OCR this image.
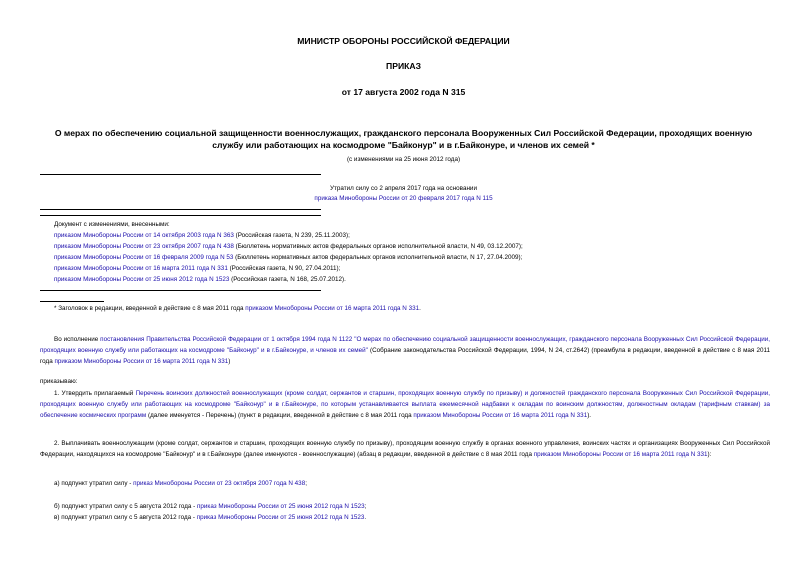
МИНИСТР ОБОРОНЫ РОССИЙСКОЙ ФЕДЕРАЦИИ
ПРИКАЗ
от 17 августа 2002 года N 315
О мерах по обеспечению социальной защищенности военнослужащих, гражданского персонала Вооруженных Сил Российской Федерации, проходящих военную
службу или работающих на космодроме "Байконур" и в г.Байконуре, и членов их семей *
(с изменениями на 25 июня 2012 года)
Утратил силу со 2 апреля 2017 года на основании
приказа Минобороны России от 20 февраля 2017 года N 115
Документ с изменениями, внесенными:
приказом Минобороны России от 14 октября 2003 года N 363 (Российская газета, N 239, 25.11.2003);
приказом Минобороны России от 23 октября 2007 года N 438 (Бюллетень нормативных актов федеральных органов исполнительной власти, N 49, 03.12.2007);
приказом Минобороны России от 16 февраля 2009 года N 53 (Бюллетень нормативных актов федеральных органов исполнительной власти, N 17, 27.04.2009);
приказом Минобороны России от 16 марта 2011 года N 331 (Российская газета, N 90, 27.04.2011);
приказом Минобороны России от 25 июня 2012 года N 1523 (Российская газета, N 168, 25.07.2012).
* Заголовок в редакции, введенной в действие с 8 мая 2011 года приказом Минобороны России от 16 марта 2011 года N 331.
Во исполнение постановления Правительства Российской Федерации от 1 октября 1994 года N 1122 "О мерах по обеспечению социальной защищенности военнослужащих, гражданского персонала Вооруженных Сил Российской Федерации, проходящих военную службу или работающих на космодроме "Байконур" и в г.Байконуре, и членов их семей" (Собрание законодательства Российской Федерации, 1994, N 24, ст.2642) (преамбула в редакции, введенной в действие с 8 мая 2011 года приказом Минобороны России от 16 марта 2011 года N 331)
приказываю:
1. Утвердить прилагаемый Перечень воинских должностей военнослужащих (кроме солдат, сержантов и старшин, проходящих военную службу по призыву) и должностей гражданского персонала Вооруженных Сил Российской Федерации, проходящих военную службу или работающих на космодроме "Байконур" и в г.Байконуре, по которым устанавливается выплата ежемесячной надбавки к окладам по воинским должностям, должностным окладам (тарифным ставкам) за обеспечение космических программ (далее именуется - Перечень) (пункт в редакции, введенной в действие с 8 мая 2011 года приказом Минобороны России от 16 марта 2011 года N 331).
2. Выплачивать военнослужащим (кроме солдат, сержантов и старшин, проходящих военную службу по призыву), проходящим военную службу в органах военного управления, воинских частях и организациях Вооруженных Сил Российской Федерации, находящихся на космодроме "Байконур" и в г.Байконуре (далее именуются - военнослужащие) (абзац в редакции, введенной в действие с 8 мая 2011 года приказом Минобороны России от 16 марта 2011 года N 331):
а) подпункт утратил силу - приказ Минобороны России от 23 октября 2007 года N 438;
б) подпункт утратил силу с 5 августа 2012 года - приказ Минобороны России от 25 июня 2012 года N 1523;
в) подпункт утратил силу с 5 августа 2012 года - приказ Минобороны России от 25 июня 2012 года N 1523.
